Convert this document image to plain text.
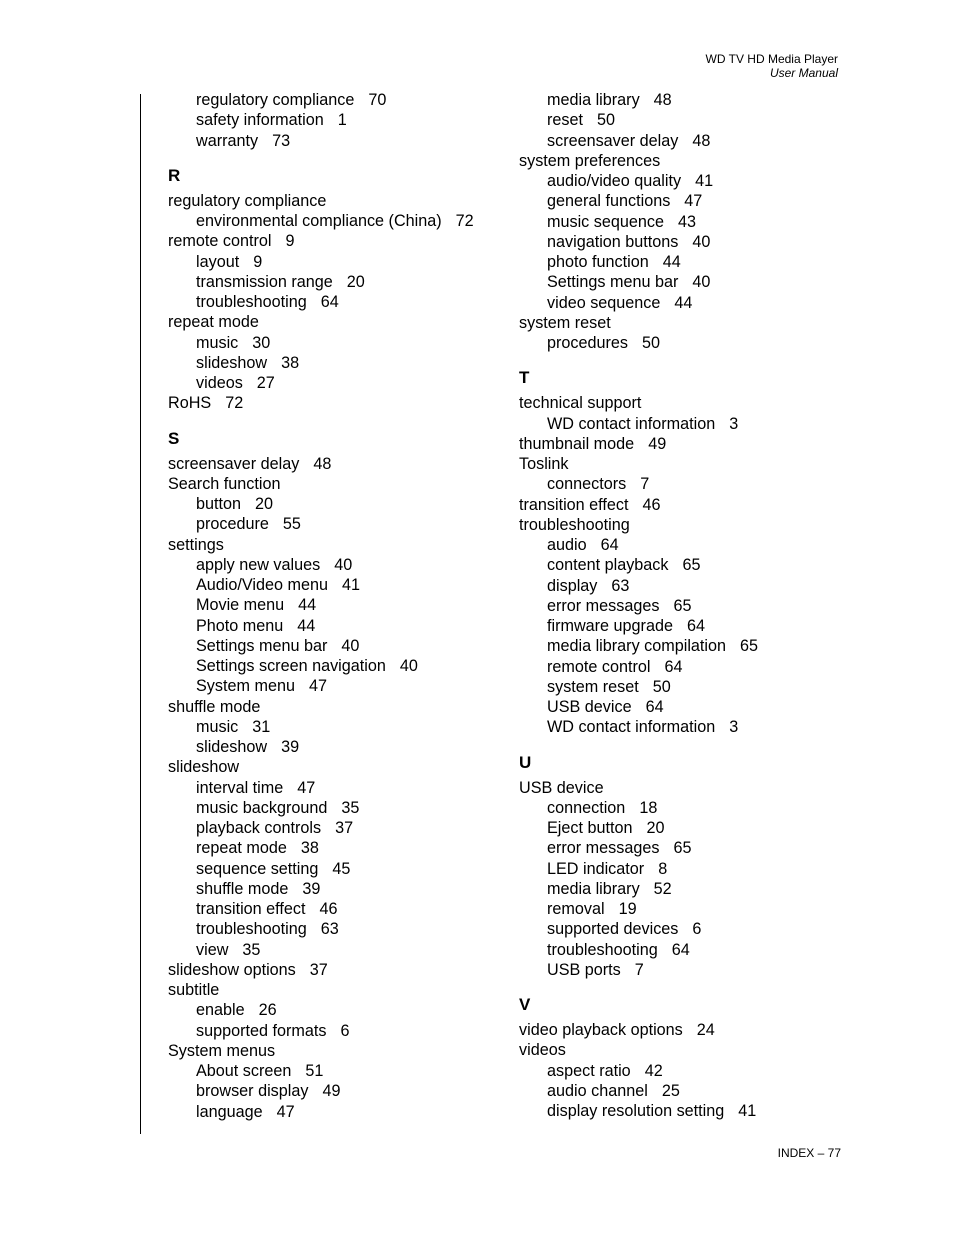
WD TV HD Media Player
User Manual
regulatory compliance 70
safety information 1
warranty 73
R
regulatory compliance
environmental compliance (China) 72
remote control 9
layout 9
transmission range 20
troubleshooting 64
repeat mode
music 30
slideshow 38
videos 27
RoHS 72
S
screensaver delay 48
Search function
button 20
procedure 55
settings
apply new values 40
Audio/Video menu 41
Movie menu 44
Photo menu 44
Settings menu bar 40
Settings screen navigation 40
System menu 47
shuffle mode
music 31
slideshow 39
slideshow
interval time 47
music background 35
playback controls 37
repeat mode 38
sequence setting 45
shuffle mode 39
transition effect 46
troubleshooting 63
view 35
slideshow options 37
subtitle
enable 26
supported formats 6
System menus
About screen 51
browser display 49
language 47
media library 48
reset 50
screensaver delay 48
system preferences
audio/video quality 41
general functions 47
music sequence 43
navigation buttons 40
photo function 44
Settings menu bar 40
video sequence 44
system reset
procedures 50
T
technical support
WD contact information 3
thumbnail mode 49
Toslink
connectors 7
transition effect 46
troubleshooting
audio 64
content playback 65
display 63
error messages 65
firmware upgrade 64
media library compilation 65
remote control 64
system reset 50
USB device 64
WD contact information 3
U
USB device
connection 18
Eject button 20
error messages 65
LED indicator 8
media library 52
removal 19
supported devices 6
troubleshooting 64
USB ports 7
V
video playback options 24
videos
aspect ratio 42
audio channel 25
display resolution setting 41
INDEX – 77
